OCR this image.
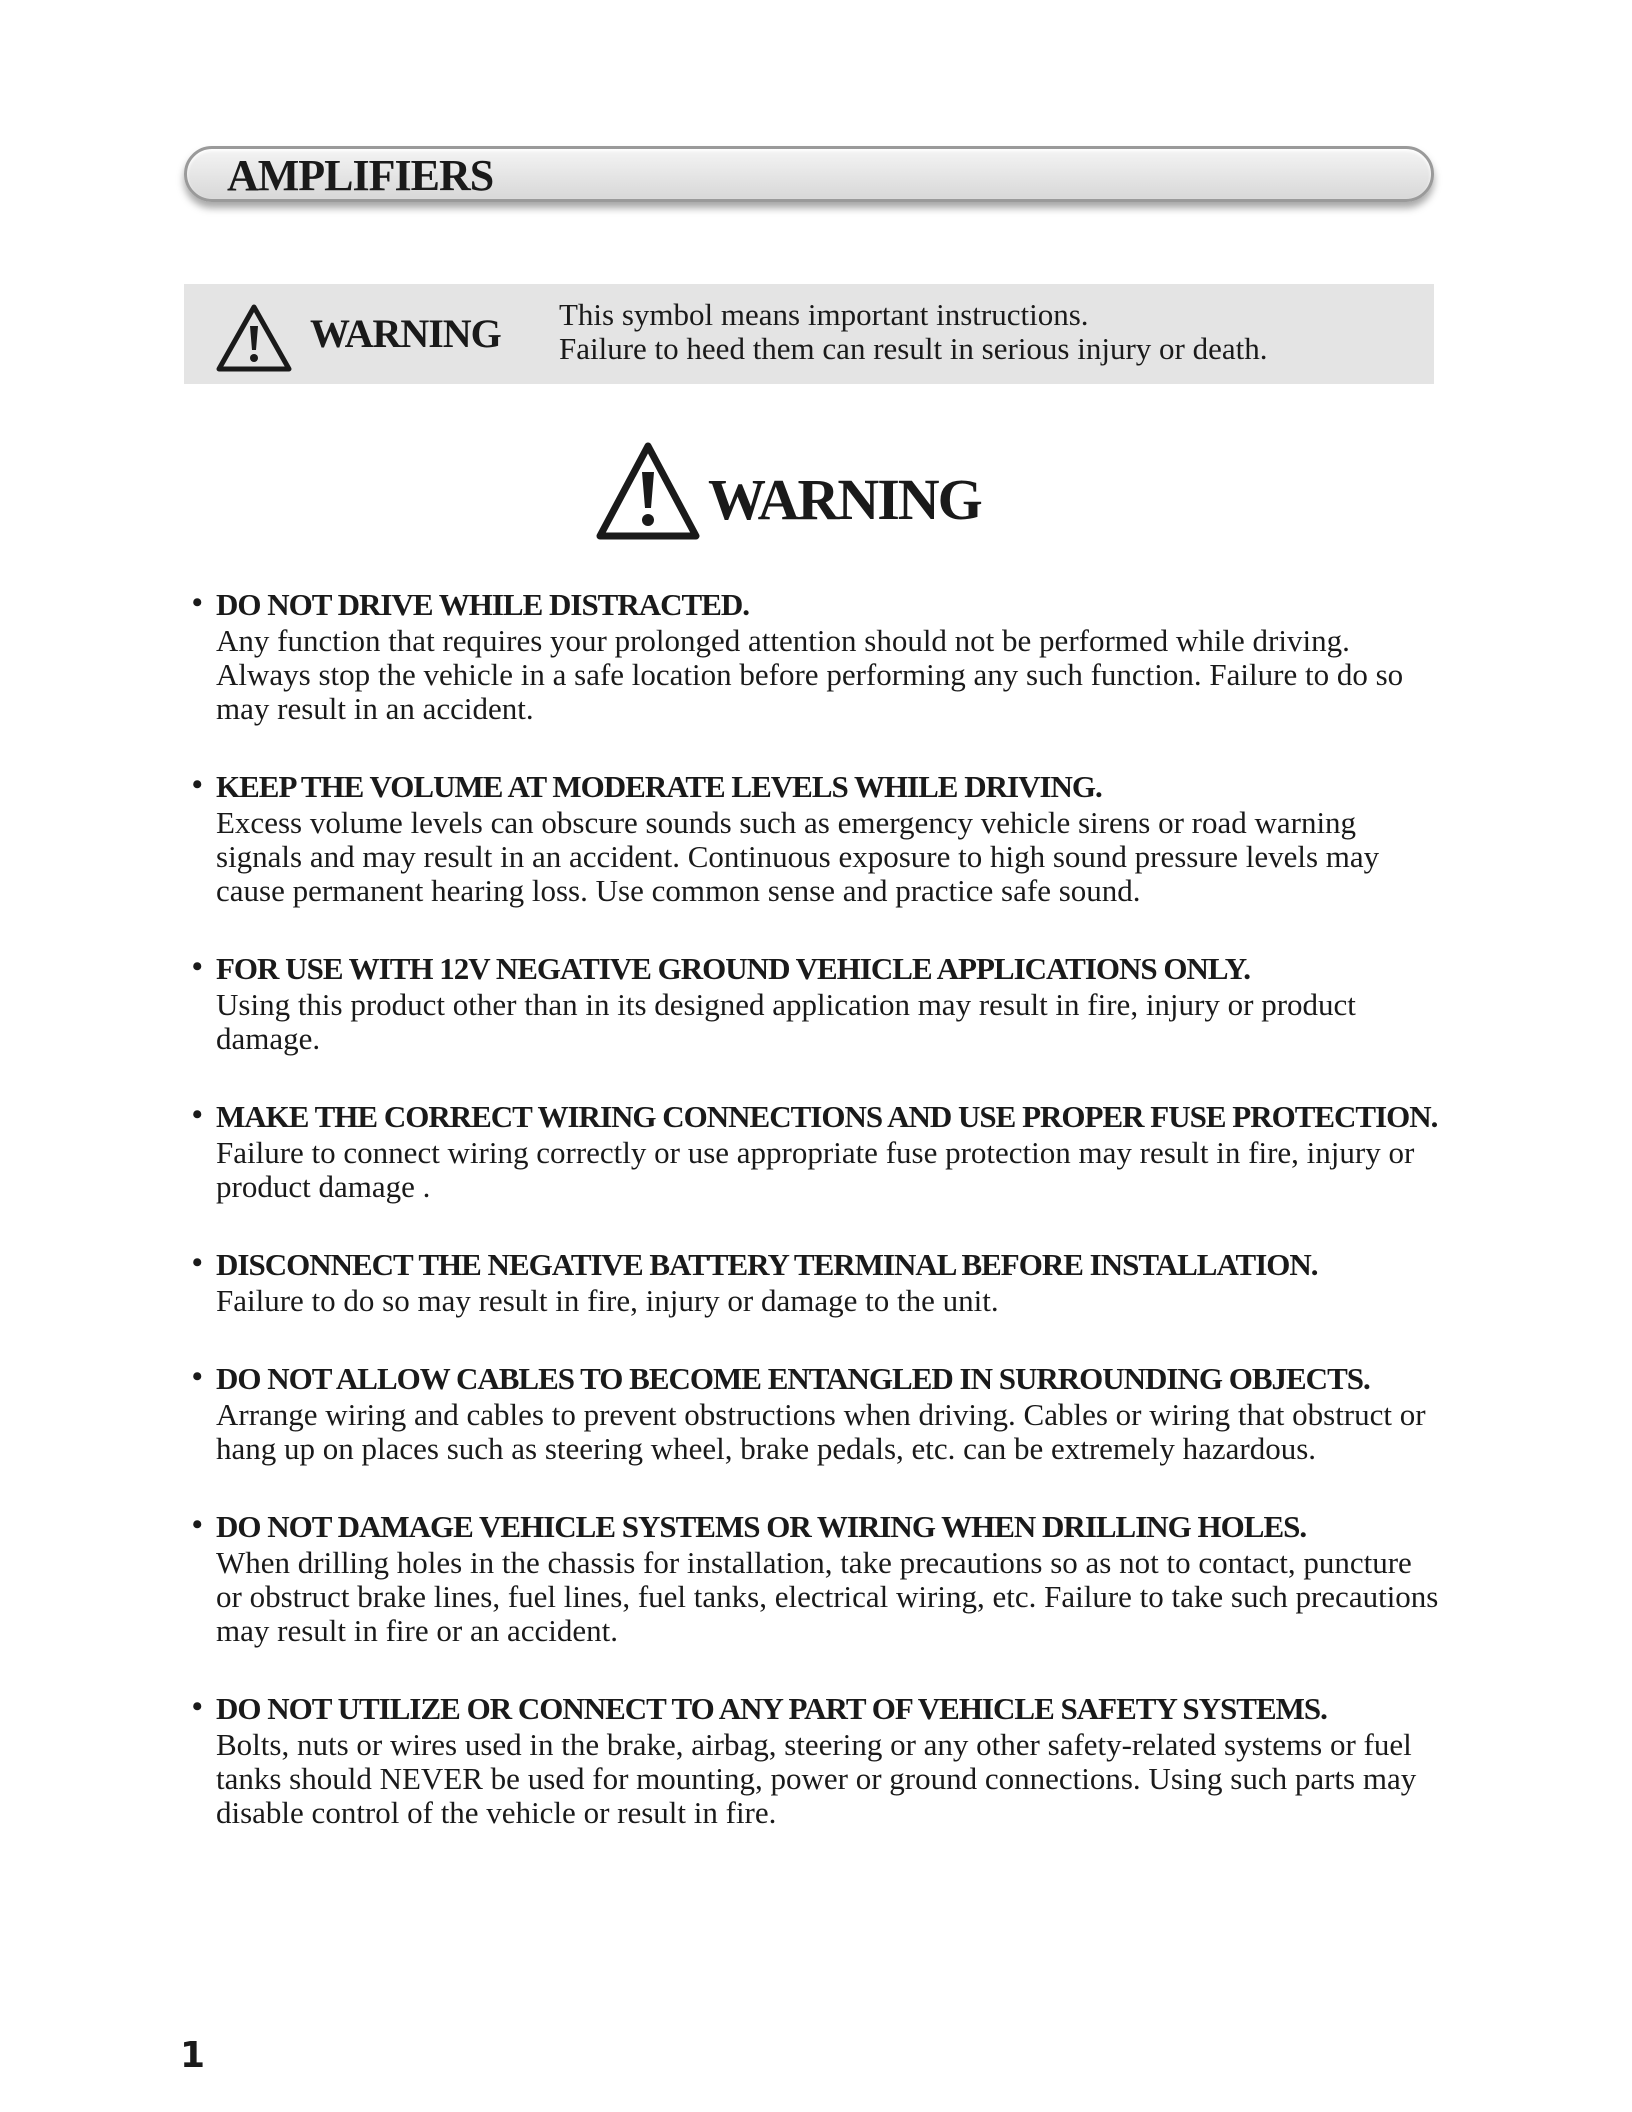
AMPLIFIERS
WARNING This symbol means important instructions.
Failure to heed them can result in serious injury or death.
WARNING
• DO NOT DRIVE WHILE DISTRACTED.
Any function that requires your prolonged attention should not be performed while driving. Always stop the vehicle in a safe location before performing any such function. Failure to do so may result in an accident.
• KEEP THE VOLUME AT MODERATE LEVELS WHILE DRIVING.
Excess volume levels can obscure sounds such as emergency vehicle sirens or road warning signals and may result in an accident. Continuous exposure to high sound pressure levels may cause permanent hearing loss. Use common sense and practice safe sound.
• FOR USE WITH 12V NEGATIVE GROUND VEHICLE APPLICATIONS ONLY.
Using this product other than in its designed application may result in fire, injury or product damage.
• MAKE THE CORRECT WIRING CONNECTIONS AND USE PROPER FUSE PROTECTION.
Failure to connect wiring correctly or use appropriate fuse protection may result in fire, injury or product damage .
• DISCONNECT THE NEGATIVE BATTERY TERMINAL BEFORE INSTALLATION.
Failure to do so may result in fire, injury or damage to the unit.
• DO NOT ALLOW CABLES TO BECOME ENTANGLED IN SURROUNDING OBJECTS.
Arrange wiring and cables to prevent obstructions when driving. Cables or wiring that obstruct or hang up on places such as steering wheel, brake pedals, etc. can be extremely hazardous.
• DO NOT DAMAGE VEHICLE SYSTEMS OR WIRING WHEN DRILLING HOLES.
When drilling holes in the chassis for installation, take precautions so as not to contact, puncture or obstruct brake lines, fuel lines, fuel tanks, electrical wiring, etc. Failure to take such precautions may result in fire or an accident.
• DO NOT UTILIZE OR CONNECT TO ANY PART OF VEHICLE SAFETY SYSTEMS.
Bolts, nuts or wires used in the brake, airbag, steering or any other safety-related systems or fuel tanks should NEVER be used for mounting, power or ground connections. Using such parts may disable control of the vehicle or result in fire.
1
